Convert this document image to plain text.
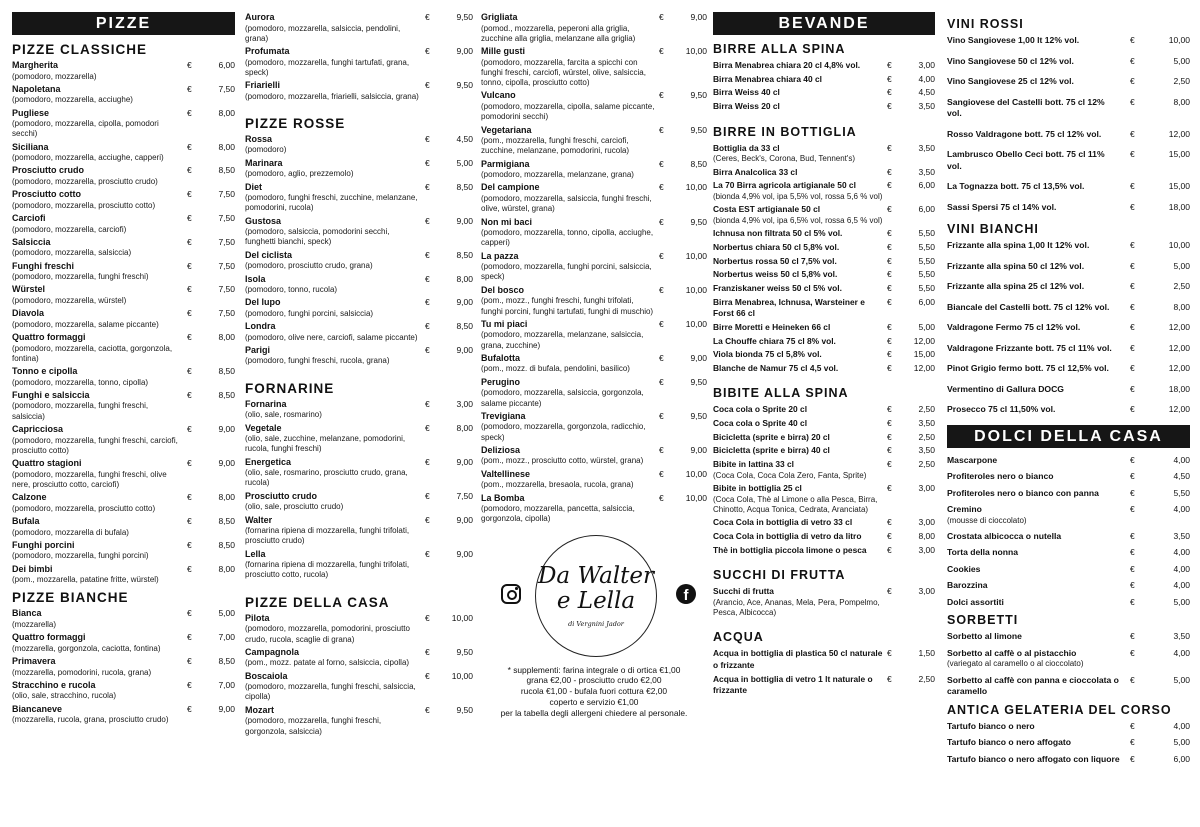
PIZZE
PIZZE CLASSICHE
Margherita
(pomodoro, mozzarella)
€	6,00
Napoletana
(pomodoro, mozzarella, acciughe)
€	7,50
Pugliese
(pomodoro, mozzarella, cipolla, pomodori secchi)
€	8,00
Siciliana
(pomodoro, mozzarella, acciughe, capperi)
€	8,00
Prosciutto crudo
(pomodoro, mozzarella, prosciutto crudo)
€	8,50
Prosciutto cotto
(pomodoro, mozzarella, prosciutto cotto)
€	7,50
Carciofi
(pomodoro, mozzarella, carciofi)
€	7,50
Salsiccia
(pomodoro, mozzarella, salsiccia)
€	7,50
Funghi freschi
(pomodoro, mozzarella, funghi freschi)
€	7,50
Würstel
(pomodoro, mozzarella, würstel)
€	7,50
Diavola
(pomodoro, mozzarella, salame piccante)
€	7,50
Quattro formaggi
(pomodoro, mozzarella, caciotta, gorgonzola, fontina)
€	8,00
Tonno e cipolla
(pomodoro, mozzarella, tonno, cipolla)
€	8,50
Funghi e salsiccia
(pomodoro, mozzarella, funghi freschi, salsiccia)
€	8,50
Capricciosa
(pomodoro, mozzarella, funghi freschi, carciofi, prosciutto cotto)
€	9,00
Quattro stagioni
(pomodoro, mozzarella, funghi freschi, olive nere, prosciutto cotto, carciofi)
€	9,00
Calzone
(pomodoro, mozzarella, prosciutto cotto)
€	8,00
Bufala
(pomodoro, mozzarella di bufala)
€	8,50
Funghi porcini
(pomodoro, mozzarella, funghi porcini)
€	8,50
Dei bimbi
(pom., mozzarella, patatine fritte, würstel)
€	8,00
PIZZE BIANCHE
Bianca
(mozzarella)
€	5,00
Quattro formaggi
(mozzarella, gorgonzola, caciotta, fontina)
€	7,00
Primavera
(mozzarella, pomodorini, rucola, grana)
€	8,50
Stracchino e rucola
(olio, sale, stracchino, rucola)
€	7,00
Biancaneve
(mozzarella, rucola, grana, prosciutto crudo)
€	9,00
Aurora
(pomodoro, mozzarella, salsiccia, pendolini, grana)
€	9,50
Profumata
(pomodoro, mozzarella, funghi tartufati, grana, speck)
€	9,00
Friarielli
(pomodoro, mozzarella, friarielli, salsiccia, grana)
€	9,50
PIZZE ROSSE
Rossa
(pomodoro)
€	4,50
Marinara
(pomodoro, aglio, prezzemolo)
€	5,00
Diet
(pomodoro, funghi freschi, zucchine, melanzane, pomodorini, rucola)
€	8,50
Gustosa
(pomodoro, salsiccia, pomodorini secchi, funghetti bianchi, speck)
€	9,00
Del ciclista
(pomodoro, prosciutto crudo, grana)
€	8,50
Isola
(pomodoro, tonno, rucola)
€	8,00
Del lupo
(pomodoro, funghi porcini, salsiccia)
€	9,00
Londra
(pomodoro, olive nere, carciofi, salame piccante)
€	8,50
Parigi
(pomodoro, funghi freschi, rucola, grana)
€	9,00
FORNARINE
Fornarina
(olio, sale, rosmarino)
€	3,00
Vegetale
(olio, sale, zucchine, melanzane, pomodorini, rucola, funghi freschi)
€	8,00
Energetica
(olio, sale, rosmarino, prosciutto crudo, grana, rucola)
€	9,00
Prosciutto crudo
(olio, sale, prosciutto crudo)
€	7,50
Walter
(fornarina ripiena di mozzarella, funghi trifolati, prosciutto crudo)
€	9,00
Lella
(fornarina ripiena di mozzarella, funghi trifolati, prosciutto cotto, rucola)
€	9,00
PIZZE DELLA CASA
Pilota
(pomodoro, mozzarella, pomodorini, prosciutto crudo, rucola, scaglie di grana)
€	10,00
Campagnola
(pom., mozz. patate al forno, salsiccia, cipolla)
€	9,50
Boscaiola
(pomodoro, mozzarella, funghi freschi, salsiccia, cipolla)
€	10,00
Mozart
(pomodoro, mozzarella, funghi freschi, gorgonzola, salsiccia)
€	9,50
Grigliata
(pomod., mozzarella, peperoni alla griglia, zucchine alla griglia, melanzane alla griglia)
€	9,00
Mille gusti
(pomodoro, mozzarella, farcita a spicchi con funghi freschi, carciofi, würstel, olive, salsiccia, tonno, cipolla, prosciutto cotto)
€	10,00
Vulcano
(pomodoro, mozzarella, cipolla, salame piccante, pomodorini secchi)
€	9,50
Vegetariana
(pom., mozzarella, funghi freschi, carciofi, zucchine, melanzane, pomodorini, rucola)
€	9,50
Parmigiana
(pomodoro, mozzarella, melanzane, grana)
€	8,50
Del campione
(pomodoro, mozzarella, salsiccia, funghi freschi, olive, würstel, grana)
€	10,00
Non mi baci
(pomodoro, mozzarella, tonno, cipolla, acciughe, capperi)
€	9,50
La pazza
(pomodoro, mozzarella, funghi porcini, salsiccia, speck)
€	10,00
Del bosco
(pom., mozz., funghi freschi, funghi trifolati, funghi porcini, funghi tartufati, funghi di muschio)
€	10,00
Tu mi piaci
(pomodoro, mozzarella, melanzane, salsiccia, grana, zucchine)
€	10,00
Bufalotta
(pom., mozz. di bufala, pendolini, basilico)
€	9,00
Perugino
(pomodoro, mozzarella, salsiccia, gorgonzola, salame piccante)
€	9,50
Trevigiana
(pomodoro, mozzarella, gorgonzola, radicchio, speck)
€	9,50
Deliziosa
(pom., mozz., prosciutto cotto, würstel, grana)
€	9,00
Valtellinese
(pom., mozzarella, bresaola, rucola, grana)
€	10,00
La Bomba
(pomodoro, mozzarella, pancetta, salsiccia, gorgonzola, cipolla)
€	10,00
Da Walter
e Lella
di Vergnini Jador
f
* supplementi: farina integrale o di ortica €1,00
grana €2,00 - prosciutto crudo €2,00
rucola €1,00 - bufala fuori cottura €2,00
coperto e servizio €1,00
per la tabella degli allergeni chiedere al personale.
BEVANDE
BIRRE ALLA SPINA
Birra Menabrea chiara 20 cl 4,8% vol.	€	3,00
Birra Menabrea chiara 40 cl	€	4,00
Birra Weiss 40 cl	€	4,50
Birra Weiss 20 cl	€	3,50
BIRRE IN BOTTIGLIA
Bottiglia da 33 cl
(Ceres, Beck's, Corona, Bud, Tennent's)
€	3,50
Birra Analcolica 33 cl	€	3,50
La 70 Birra agricola artigianale 50 cl
(bionda 4,9% vol, ipa 5,5% vol, rossa 5,6 % vol)
€	6,00
Costa EST artigianale 50 cl
(bionda 4,9% vol, ipa 6,5% vol, rossa 6,5 % vol)
€	6,00
Ichnusa non filtrata 50 cl 5% vol.	€	5,50
Norbertus chiara 50 cl 5,8% vol.	€	5,50
Norbertus rossa 50 cl 7,5% vol.	€	5,50
Norbertus weiss 50 cl 5,8% vol.	€	5,50
Franziskaner weiss 50 cl 5% vol.	€	5,50
Birra Menabrea, Ichnusa, Warsteiner e Forst 66 cl
€	6,00
Birre Moretti e Heineken 66 cl	€	5,00
La Chouffe chiara 75 cl 8% vol.	€	12,00
Viola bionda 75 cl 5,8% vol.	€	15,00
Blanche de Namur 75 cl 4,5 vol.	€	12,00
BIBITE ALLA SPINA
Coca cola o Sprite 20 cl	€	2,50
Coca cola o Sprite 40 cl	€	3,50
Bicicletta (sprite e birra) 20 cl	€	2,50
Bicicletta (sprite e birra) 40 cl	€	3,50
Bibite in lattina 33 cl
(Coca Cola, Coca Cola Zero, Fanta, Sprite)
€	2,50
Bibite in bottiglia 25 cl
(Coca Cola, Thè al Limone o alla Pesca, Birra, Chinotto, Acqua Tonica, Cedrata, Aranciata)
€	3,00
Coca Cola in bottiglia di vetro 33 cl	€	3,00
Coca Cola in bottiglia di vetro da litro	€	8,00
Thè in bottiglia piccola limone o pesca	€	3,00
SUCCHI DI FRUTTA
Succhi di frutta
(Arancio, Ace, Ananas, Mela, Pera, Pompelmo, Pesca, Albicocca)
€	3,00
ACQUA
Acqua in bottiglia di plastica 50 cl naturale o frizzante
€	1,50
Acqua in bottiglia di vetro 1 lt naturale o frizzante
€	2,50
VINI ROSSI
Vino Sangiovese 1,00 lt 12% vol.	€	10,00
Vino Sangiovese 50 cl 12% vol.	€	5,00
Vino Sangiovese 25 cl 12% vol.	€	2,50
Sangiovese del Castelli bott. 75 cl 12% vol.
€	8,00
Rosso Valdragone bott. 75 cl 12% vol.	€	12,00
Lambrusco Obello Ceci bott. 75 cl 11% vol.
€	15,00
La Tognazza bott. 75 cl 13,5% vol.	€	15,00
Sassi Spersi 75 cl 14% vol.	€	18,00
VINI BIANCHI
Frizzante alla spina 1,00 lt 12% vol.	€	10,00
Frizzante alla spina 50 cl 12% vol.	€	5,00
Frizzante alla spina 25 cl 12% vol.	€	2,50
Biancale del Castelli bott. 75 cl 12% vol.	€	8,00
Valdragone Fermo 75 cl 12% vol.	€	12,00
Valdragone Frizzante bott. 75 cl 11% vol.	€	12,00
Pinot Grigio fermo bott. 75 cl 12,5% vol.	€	12,00
Vermentino di Gallura DOCG	€	18,00
Prosecco 75 cl 11,50% vol.	€	12,00
DOLCI DELLA CASA
Mascarpone	€	4,00
Profiteroles nero o bianco	€	4,50
Profiteroles nero o bianco con panna	€	5,50
Cremino
(mousse di cioccolato)
€	4,00
Crostata albicocca o nutella	€	3,50
Torta della nonna	€	4,00
Cookies	€	4,00
Barozzina	€	4,00
Dolci assortiti	€	5,00
SORBETTI
Sorbetto al limone	€	3,50
Sorbetto al caffè o al pistacchio
(variegato al caramello o al cioccolato)
€	4,00
Sorbetto al caffè con panna e cioccolata o caramello
€	5,00
ANTICA GELATERIA DEL CORSO
Tartufo bianco o nero	€	4,00
Tartufo bianco o nero affogato	€	5,00
Tartufo bianco o nero affogato con liquore €	6,00
